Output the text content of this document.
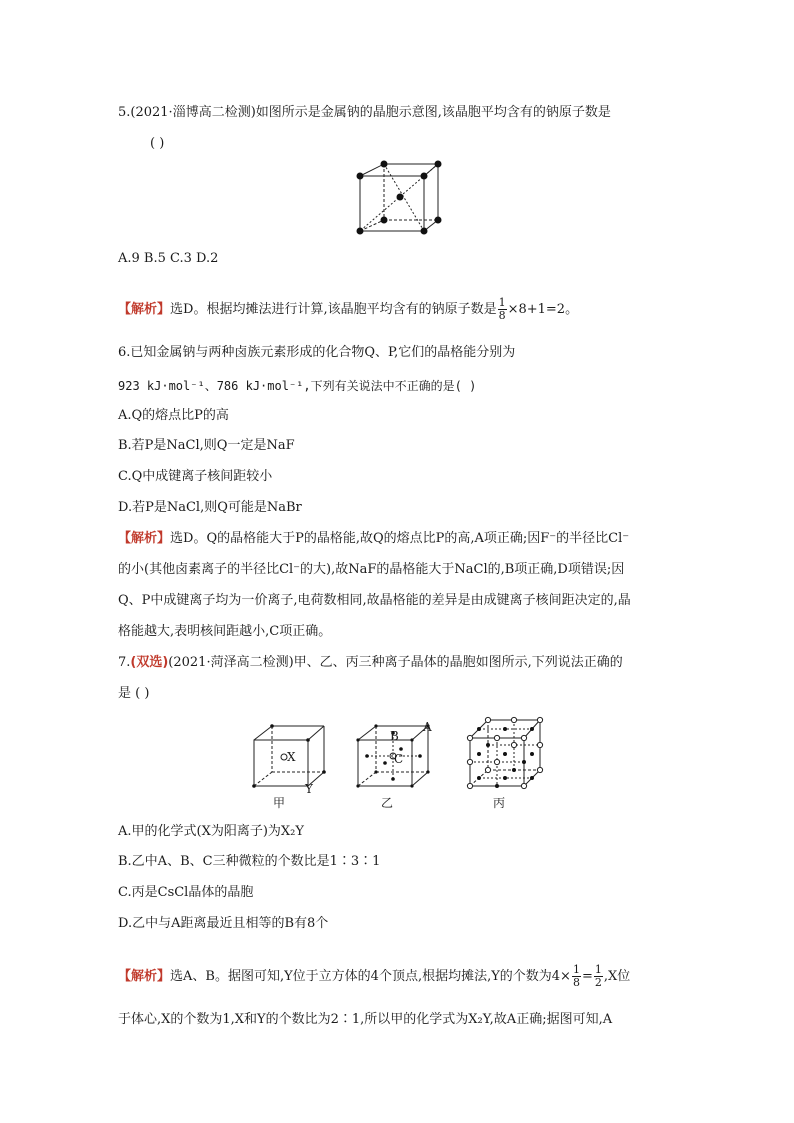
5.(2021·淄博高二检测)如图所示是金属钠的晶胞示意图,该晶胞平均含有的钠原子数是
( )
A.9 B.5 C.3 D.2
【解析】选D。根据均摊法进行计算,该晶胞平均含有的钠原子数是 $\frac{1}{8} \times 8+1=2$。
6.已知金属钠与两种卤族元素形成的化合物Q、P,它们的晶格能分别为
923 kJ·mol⁻¹、786 kJ·mol⁻¹,下列有关说法中不正确的是( )
A.Q的熔点比P的高
B.若P是NaCl,则Q一定是NaF
C.Q中成键离子核间距较小
D.若P是NaCl,则Q可能是NaBr
【解析】选D。Q的晶格能大于P的晶格能,故Q的熔点比P的高,A项正确;因F⁻的半径比Cl⁻
的小(其他卤素离子的半径比Cl⁻的大),故NaF的晶格能大于NaCl的,B项正确,D项错误;因
Q、P中成键离子均为一价离子,电荷数相同,故晶格能的差异是由成键离子核间距决定的,晶
格能越大,表明核间距越小,C项正确。
7.(双选)(2021·菏泽高二检测)甲、乙、丙三种离子晶体的晶胞如图所示,下列说法正确的
是 ( )
X
Y
甲
A
B
C
乙	丙
A.甲的化学式(X为阳离子)为X₂Y
B.乙中A、B、C三种微粒的个数比是1∶3∶1
C.丙是CsCl晶体的晶胞
D.乙中与A距离最近且相等的B有8个
【解析】选A、B。据图可知,Y位于立方体的4个顶点,根据均摊法,Y的个数为$4\times \frac{1}{8} = \frac{1}{2} ,X$位
于体心,X的个数为1,X和Y的个数比为2∶1,所以甲的化学式为X₂Y,故A正确;据图可知,A
